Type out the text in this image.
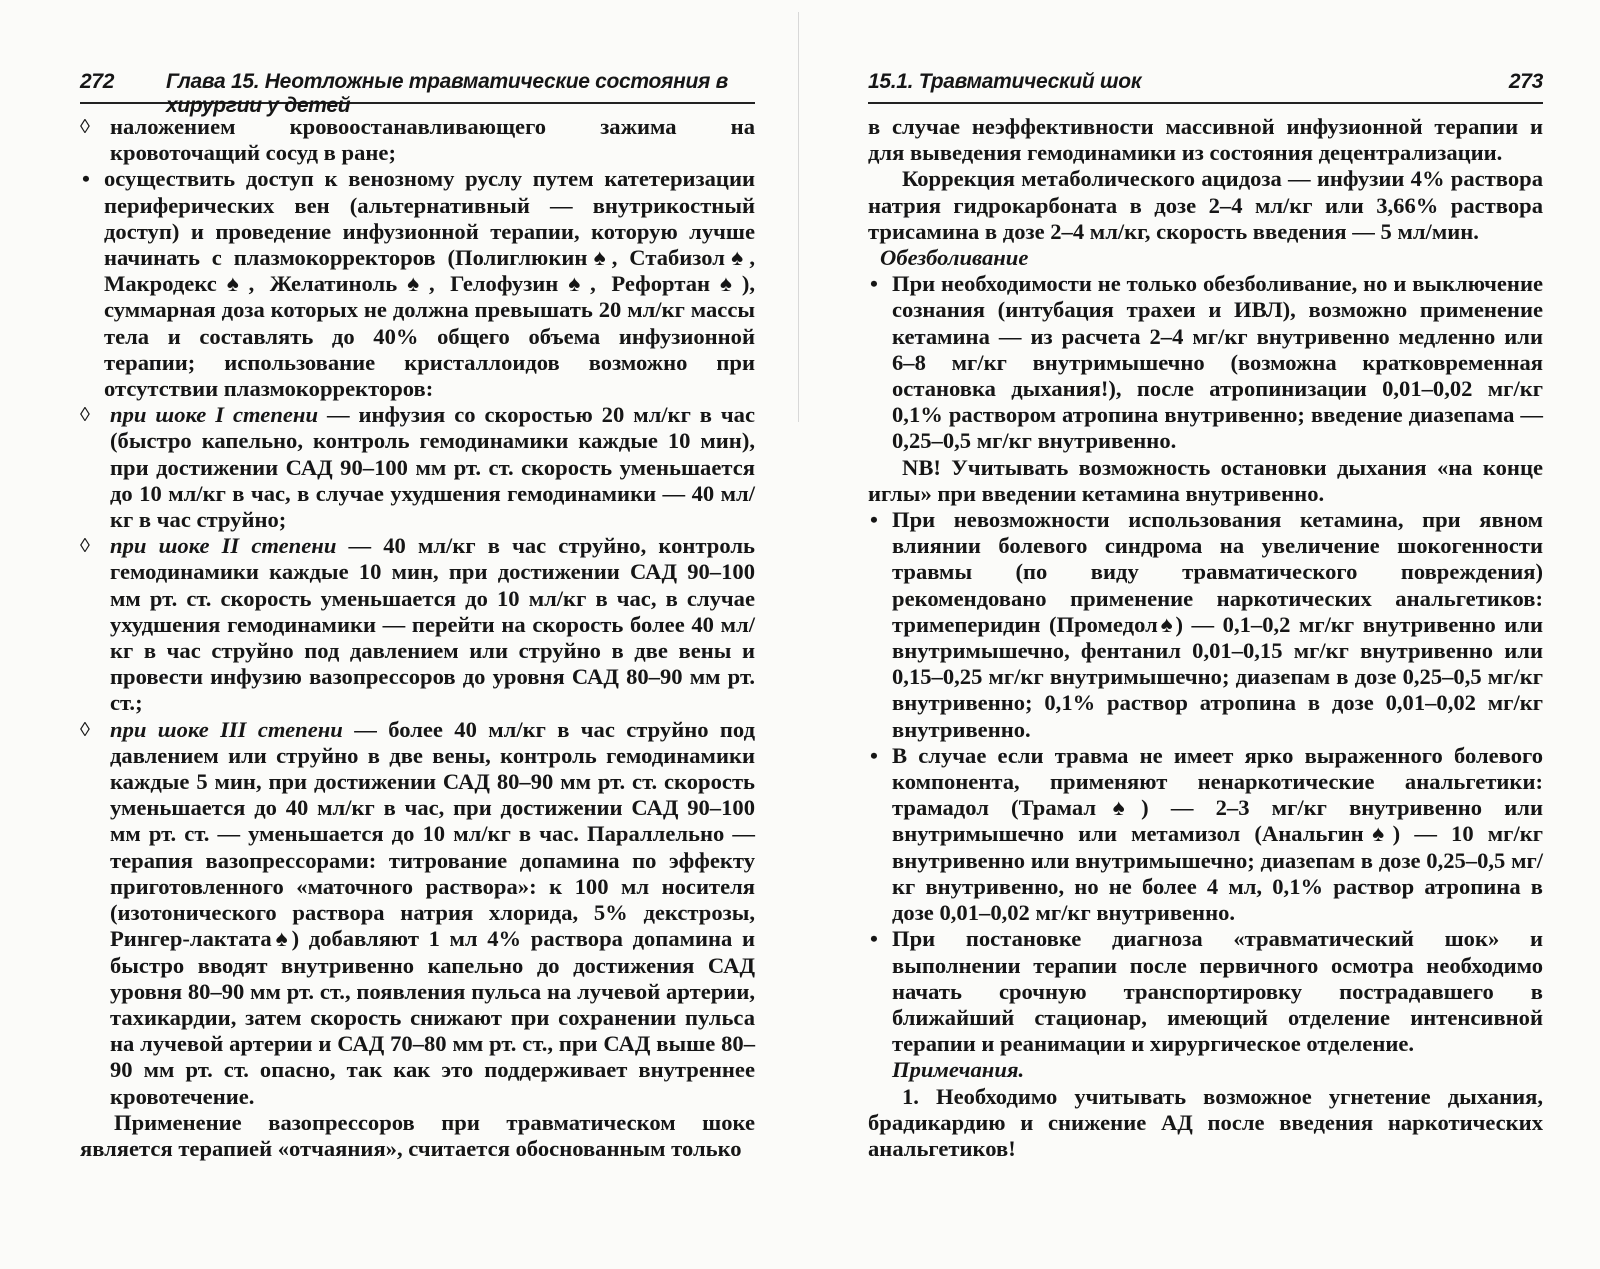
272 Глава 15. Неотложные травматические состояния в хирургии у детей

◊ наложением кровоостанавливающего зажима на кровоточащий сосуд в ране;

• осуществить доступ к венозному руслу путем катетеризации периферических вен (альтернативный — внутрикостный доступ) и проведение инфузионной терапии, которую лучше начинать с плазмокорректоров (Полиглюкин♠, Стабизол♠, Макродекс♠, Желатиноль♠, Гелофузин♠, Рефортан♠), суммарная доза которых не должна превышать 20 мл/кг массы тела и составлять до 40% общего объема инфузионной терапии; использование кристаллоидов возможно при отсутствии плазмокорректоров:

◊ при шоке I степени — инфузия со скоростью 20 мл/кг в час (быстро капельно, контроль гемодинамики каждые 10 мин), при достижении САД 90–100 мм рт. ст. скорость уменьшается до 10 мл/кг в час, в случае ухудшения гемодинамики — 40 мл/кг в час струйно;

◊ при шоке II степени — 40 мл/кг в час струйно, контроль гемодинамики каждые 10 мин, при достижении САД 90–100 мм рт. ст. скорость уменьшается до 10 мл/кг в час, в случае ухудшения гемодинамики — перейти на скорость более 40 мл/кг в час струйно под давлением или струйно в две вены и провести инфузию вазопрессоров до уровня САД 80–90 мм рт. ст.;

◊ при шоке III степени — более 40 мл/кг в час струйно под давлением или струйно в две вены, контроль гемодинамики каждые 5 мин, при достижении САД 80–90 мм рт. ст. скорость уменьшается до 40 мл/кг в час, при достижении САД 90–100 мм рт. ст. — уменьшается до 10 мл/кг в час. Параллельно — терапия вазопрессорами: титрование допамина по эффекту приготовленного «маточного раствора»: к 100 мл носителя (изотонического раствора натрия хлорида, 5% декстрозы, Рингер-лактата♠) добавляют 1 мл 4% раствора допамина и быстро вводят внутривенно капельно до достижения САД уровня 80–90 мм рт. ст., появления пульса на лучевой артерии, тахикардии, затем скорость снижают при сохранении пульса на лучевой артерии и САД 70–80 мм рт. ст., при САД выше 80–90 мм рт. ст. опасно, так как это поддерживает внутреннее кровотечение.

Применение вазопрессоров при травматическом шоке является терапией «отчаяния», считается обоснованным только

15.1. Травматический шок	273

в случае неэффективности массивной инфузионной терапии и для выведения гемодинамики из состояния децентрализации.

Коррекция метаболического ацидоза — инфузии 4% раствора натрия гидрокарбоната в дозе 2–4 мл/кг или 3,66% раствора трисамина в дозе 2–4 мл/кг, скорость введения — 5 мл/мин.

Обезболивание

• При необходимости не только обезболивание, но и выключение сознания (интубация трахеи и ИВЛ), возможно применение кетамина — из расчета 2–4 мг/кг внутривенно медленно или 6–8 мг/кг внутримышечно (возможна кратковременная остановка дыхания!), после атропинизации 0,01–0,02 мг/кг 0,1% раствором атропина внутривенно; введение диазепама — 0,25–0,5 мг/кг внутривенно.

NB! Учитывать возможность остановки дыхания «на конце иглы» при введении кетамина внутривенно.

• При невозможности использования кетамина, при явном влиянии болевого синдрома на увеличение шокогенности травмы (по виду травматического повреждения) рекомендовано применение наркотических анальгетиков: тримеперидин (Промедол♠) — 0,1–0,2 мг/кг внутривенно или внутримышечно, фентанил 0,01–0,15 мг/кг внутривенно или 0,15–0,25 мг/кг внутримышечно; диазепам в дозе 0,25–0,5 мг/кг внутривенно; 0,1% раствор атропина в дозе 0,01–0,02 мг/кг внутривенно.

• В случае если травма не имеет ярко выраженного болевого компонента, применяют ненаркотические анальгетики: трамадол (Трамал♠) — 2–3 мг/кг внутривенно или внутримышечно или метамизол (Анальгин♠) — 10 мг/кг внутривенно или внутримышечно; диазепам в дозе 0,25–0,5 мг/кг внутривенно, но не более 4 мл, 0,1% раствор атропина в дозе 0,01–0,02 мг/кг внутривенно.

• При постановке диагноза «травматический шок» и выполнении терапии после первичного осмотра необходимо начать срочную транспортировку пострадавшего в ближайший стационар, имеющий отделение интенсивной терапии и реанимации и хирургическое отделение.

Примечания.

1. Необходимо учитывать возможное угнетение дыхания, брадикардию и снижение АД после введения наркотических анальгетиков!
